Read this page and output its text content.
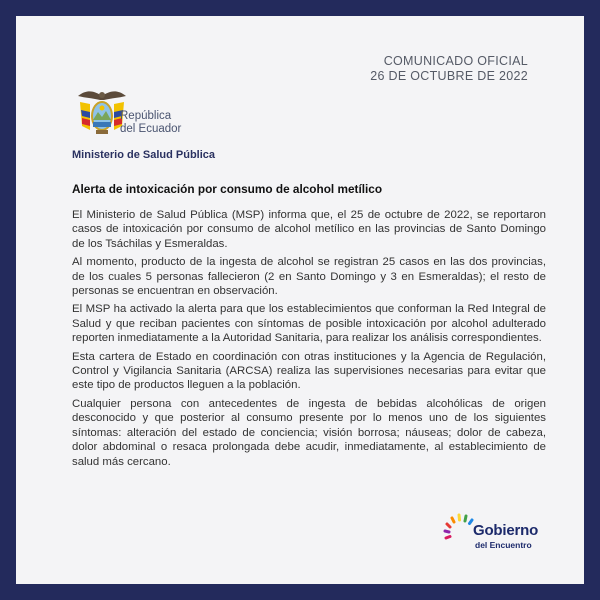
COMUNICADO OFICIAL
26 DE OCTUBRE DE 2022
República
del Ecuador
Ministerio de Salud Pública
Alerta de intoxicación por consumo de alcohol metílico

El Ministerio de Salud Pública (MSP) informa que, el 25 de octubre de 2022, se reportaron casos de intoxicación por consumo de alcohol metílico en las provincias de Santo Domingo de los Tsáchilas y Esmeraldas.

Al momento, producto de la ingesta de alcohol se registran 25 casos en las dos provincias, de los cuales 5 personas fallecieron (2 en Santo Domingo y 3 en Esmeraldas); el resto de personas se encuentran en observación.

El MSP ha activado la alerta para que los establecimientos que conforman la Red Integral de Salud y que reciban pacientes con síntomas de posible intoxicación por alcohol adulterado reporten inmediatamente a la Autoridad Sanitaria, para realizar los análisis correspondientes.

Esta cartera de Estado en coordinación con otras instituciones y la Agencia de Regulación, Control y Vigilancia Sanitaria (ARCSA) realiza las supervisiones necesarias para evitar que este tipo de productos lleguen a la población.

Cualquier persona con antecedentes de ingesta de bebidas alcohólicas de origen desconocido y que posterior al consumo presente por lo menos uno de los siguientes síntomas: alteración del estado de conciencia; visión borrosa; náuseas; dolor de cabeza, dolor abdominal o resaca prolongada debe acudir, inmediatamente, al establecimiento de salud más cercano.

Gobierno
del Encuentro
